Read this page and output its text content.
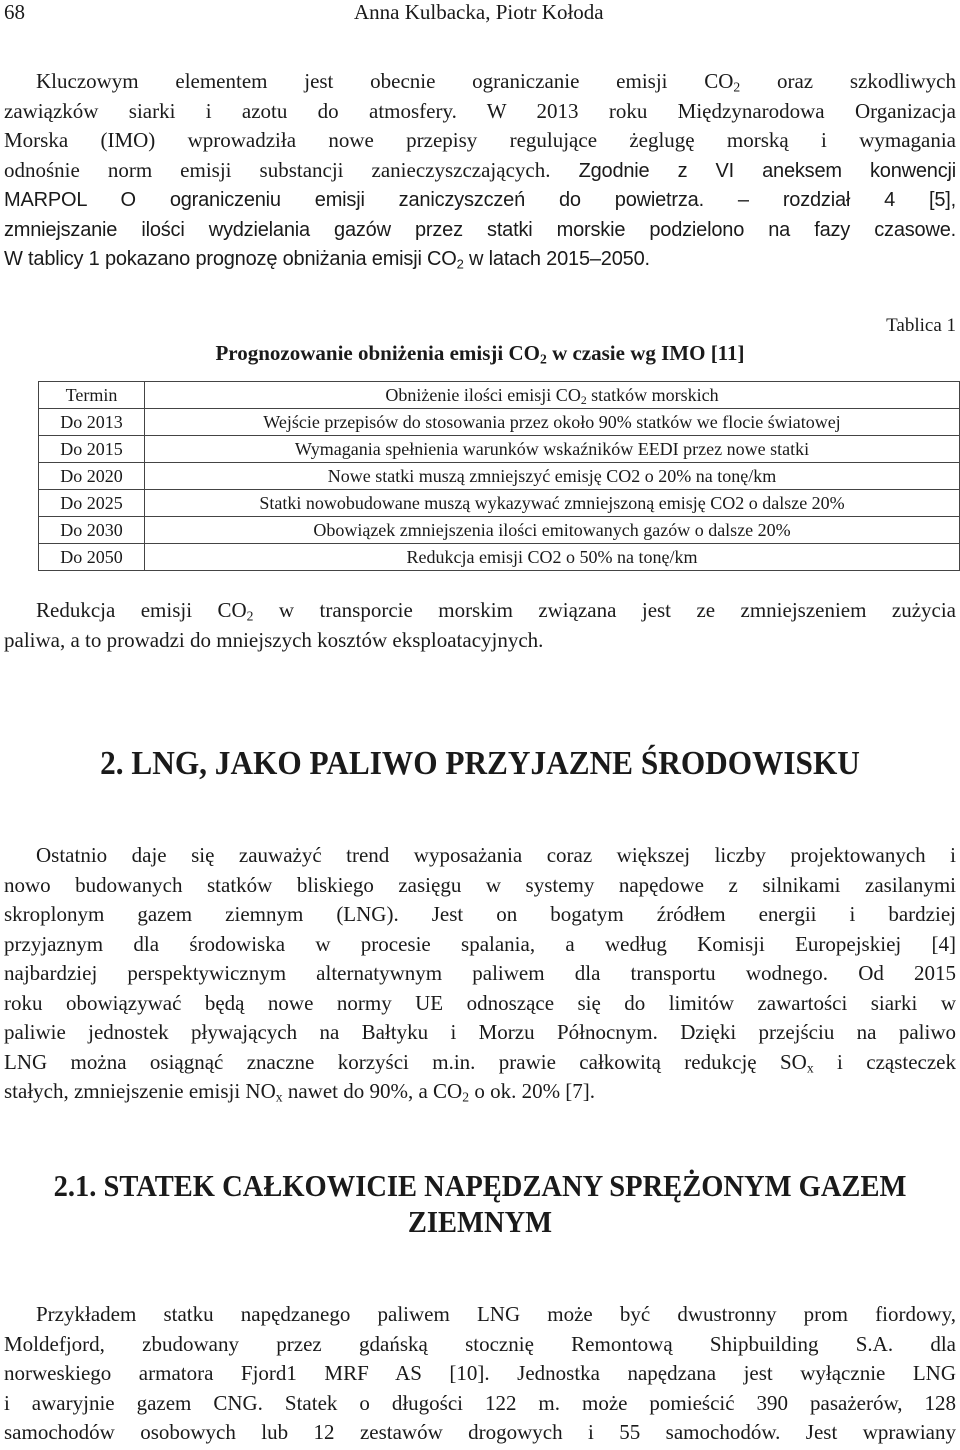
68	Anna Kulbacka, Piotr Kołoda

Kluczowym elementem jest obecnie ograniczanie emisji $CO_2$ oraz szkodliwych

zawiązków siarki i azotu do atmosfery. W 2013 roku Międzynarodowa Organizacja

Morska (IMO) wprowadziła nowe przepisy regulujące żeglugę morską i wymagania

odnośnie norm emisji substancji zanieczyszczających. Zgodnie z VI aneksem konwencji

MARPOL O ograniczeniu emisji zaniczyszczeń do powietrza. – rozdział 4 [5],

zmniejszanie ilości wydzielania gazów przez statki morskie podzielono na fazy czasowe.

W tablicy 1 pokazano prognozę obniżania emisji $CO_2$ w latach 2015–2050.

Tablica 1
Prognozowanie obniżenia emisji $CO_2$ w czasie wg IMO [11]
Termin	Obniżenie ilości emisji $CO_2$ statków morskich
Do 2013	Wejście przepisów do stosowania przez około 90% statków we flocie światowej
Do 2015	Wymagania spełnienia warunków wskaźników EEDI przez nowe statki
Do 2020	Nowe statki muszą zmniejszyć emisję CO2 o 20% na tonę/km
Do 2025	Statki nowobudowane muszą wykazywać zmniejszoną emisję CO2 o dalsze 20%
Do 2030	Obowiązek zmniejszenia ilości emitowanych gazów o dalsze 20%
Do 2050	Redukcja emisji CO2 o 50% na tonę/km

Redukcja emisji $CO_2$ w transporcie morskim związana jest ze zmniejszeniem zużycia

paliwa, a to prowadzi do mniejszych kosztów eksploatacyjnych.

2. LNG, JAKO PALIWO PRZYJAZNE ŚRODOWISKU

Ostatnio daje się zauważyć trend wyposażania coraz większej liczby projektowanych i

nowo budowanych statków bliskiego zasięgu w systemy napędowe z silnikami zasilanymi

skroplonym gazem ziemnym (LNG). Jest on bogatym źródłem energii i bardziej

przyjaznym dla środowiska w procesie spalania, a według Komisji Europejskiej [4]

najbardziej perspektywicznym alternatywnym paliwem dla transportu wodnego. Od 2015

roku obowiązywać będą nowe normy UE odnoszące się do limitów zawartości siarki w

paliwie jednostek pływających na Bałtyku i Morzu Północnym. Dzięki przejściu na paliwo

LNG można osiągnąć znaczne korzyści m.in. prawie całkowitą redukcję $SO_x$ i cząsteczek

stałych, zmniejszenie emisji $NO_x$ nawet do 90%, a $CO_2$ o ok. 20% [7].

2.1. STATEK CAŁKOWICIE NAPĘDZANY SPRĘŻONYM GAZEM
ZIEMNYM

Przykładem statku napędzanego paliwem LNG może być dwustronny prom fiordowy,

Moldefjord, zbudowany przez gdańską stocznię Remontową Shipbuilding S.A. dla

norweskiego armatora Fjord1 MRF AS [10]. Jednostka napędzana jest wyłącznie LNG

i awaryjnie gazem CNG. Statek o długości 122 m. może pomieścić 390 pasażerów, 128

samochodów osobowych lub 12 zestawów drogowych i 55 samochodów. Jest wprawiany
